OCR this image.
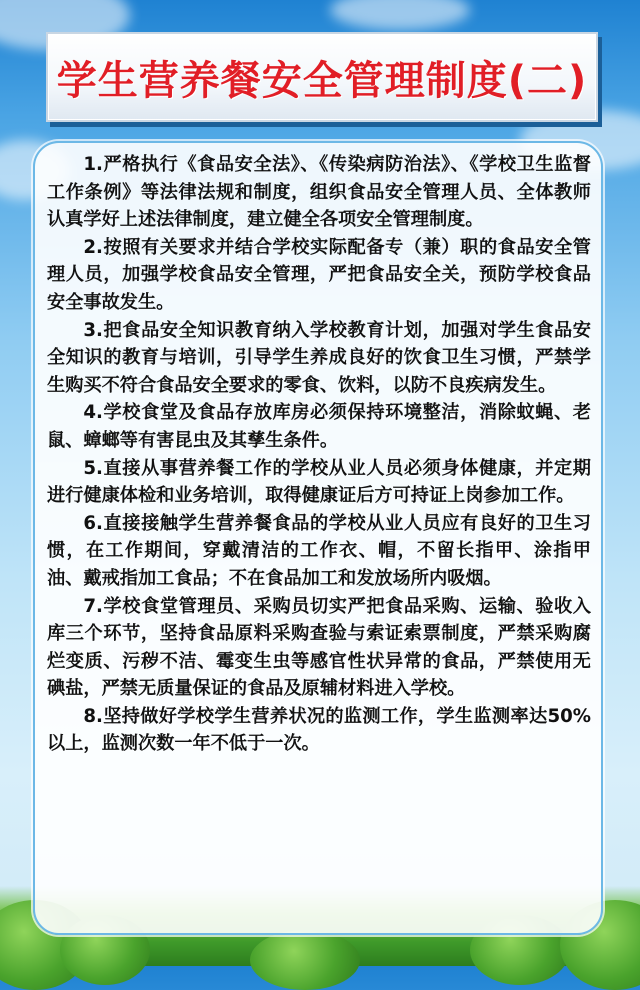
学生营养餐安全管理制度(二)

1.严格执行《食品安全法》、《传染病防治法》、《学校卫生监督工作条例》等法律法规和制度，组织食品安全管理人员、全体教师认真学好上述法律制度，建立健全各项安全管理制度。

2.按照有关要求并结合学校实际配备专（兼）职的食品安全管理人员，加强学校食品安全管理，严把食品安全关，预防学校食品安全事故发生。

3.把食品安全知识教育纳入学校教育计划，加强对学生食品安全知识的教育与培训，引导学生养成良好的饮食卫生习惯，严禁学生购买不符合食品安全要求的零食、饮料，以防不良疾病发生。

4.学校食堂及食品存放库房必须保持环境整洁，消除蚊蝇、老鼠、蟑螂等有害昆虫及其孳生条件。

5.直接从事营养餐工作的学校从业人员必须身体健康，并定期进行健康体检和业务培训，取得健康证后方可持证上岗参加工作。

6.直接接触学生营养餐食品的学校从业人员应有良好的卫生习惯，在工作期间，穿戴清洁的工作衣、帽，不留长指甲、涂指甲油、戴戒指加工食品；不在食品加工和发放场所内吸烟。

7.学校食堂管理员、采购员切实严把食品采购、运输、验收入库三个环节，坚持食品原料采购查验与索证索票制度，严禁采购腐烂变质、污秽不洁、霉变生虫等感官性状异常的食品，严禁使用无碘盐，严禁无质量保证的食品及原辅材料进入学校。

8.坚持做好学校学生营养状况的监测工作，学生监测率达50%以上，监测次数一年不低于一次。
